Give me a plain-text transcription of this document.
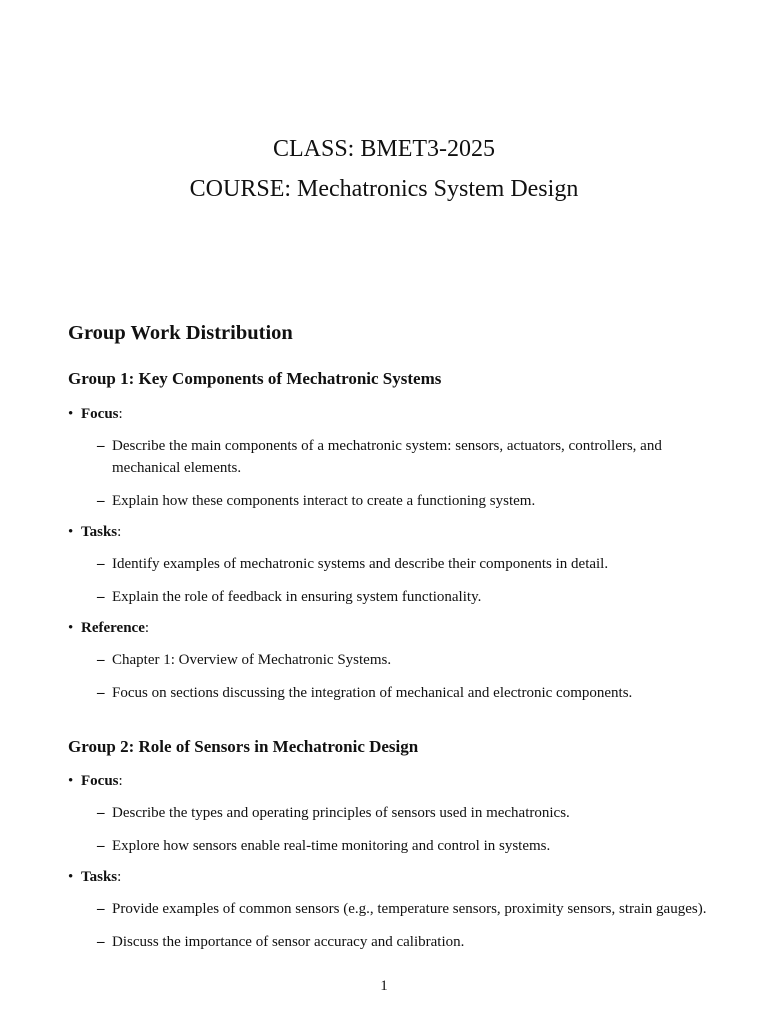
CLASS: BMET3-2025
COURSE: Mechatronics System Design
Group Work Distribution
Group 1: Key Components of Mechatronic Systems
• Focus:
– Describe the main components of a mechatronic system: sensors, actuators, controllers, and mechanical elements.
– Explain how these components interact to create a functioning system.
• Tasks:
– Identify examples of mechatronic systems and describe their components in detail.
– Explain the role of feedback in ensuring system functionality.
• Reference:
– Chapter 1: Overview of Mechatronic Systems.
– Focus on sections discussing the integration of mechanical and electronic components.
Group 2: Role of Sensors in Mechatronic Design
• Focus:
– Describe the types and operating principles of sensors used in mechatronics.
– Explore how sensors enable real-time monitoring and control in systems.
• Tasks:
– Provide examples of common sensors (e.g., temperature sensors, proximity sensors, strain gauges).
– Discuss the importance of sensor accuracy and calibration.
1
